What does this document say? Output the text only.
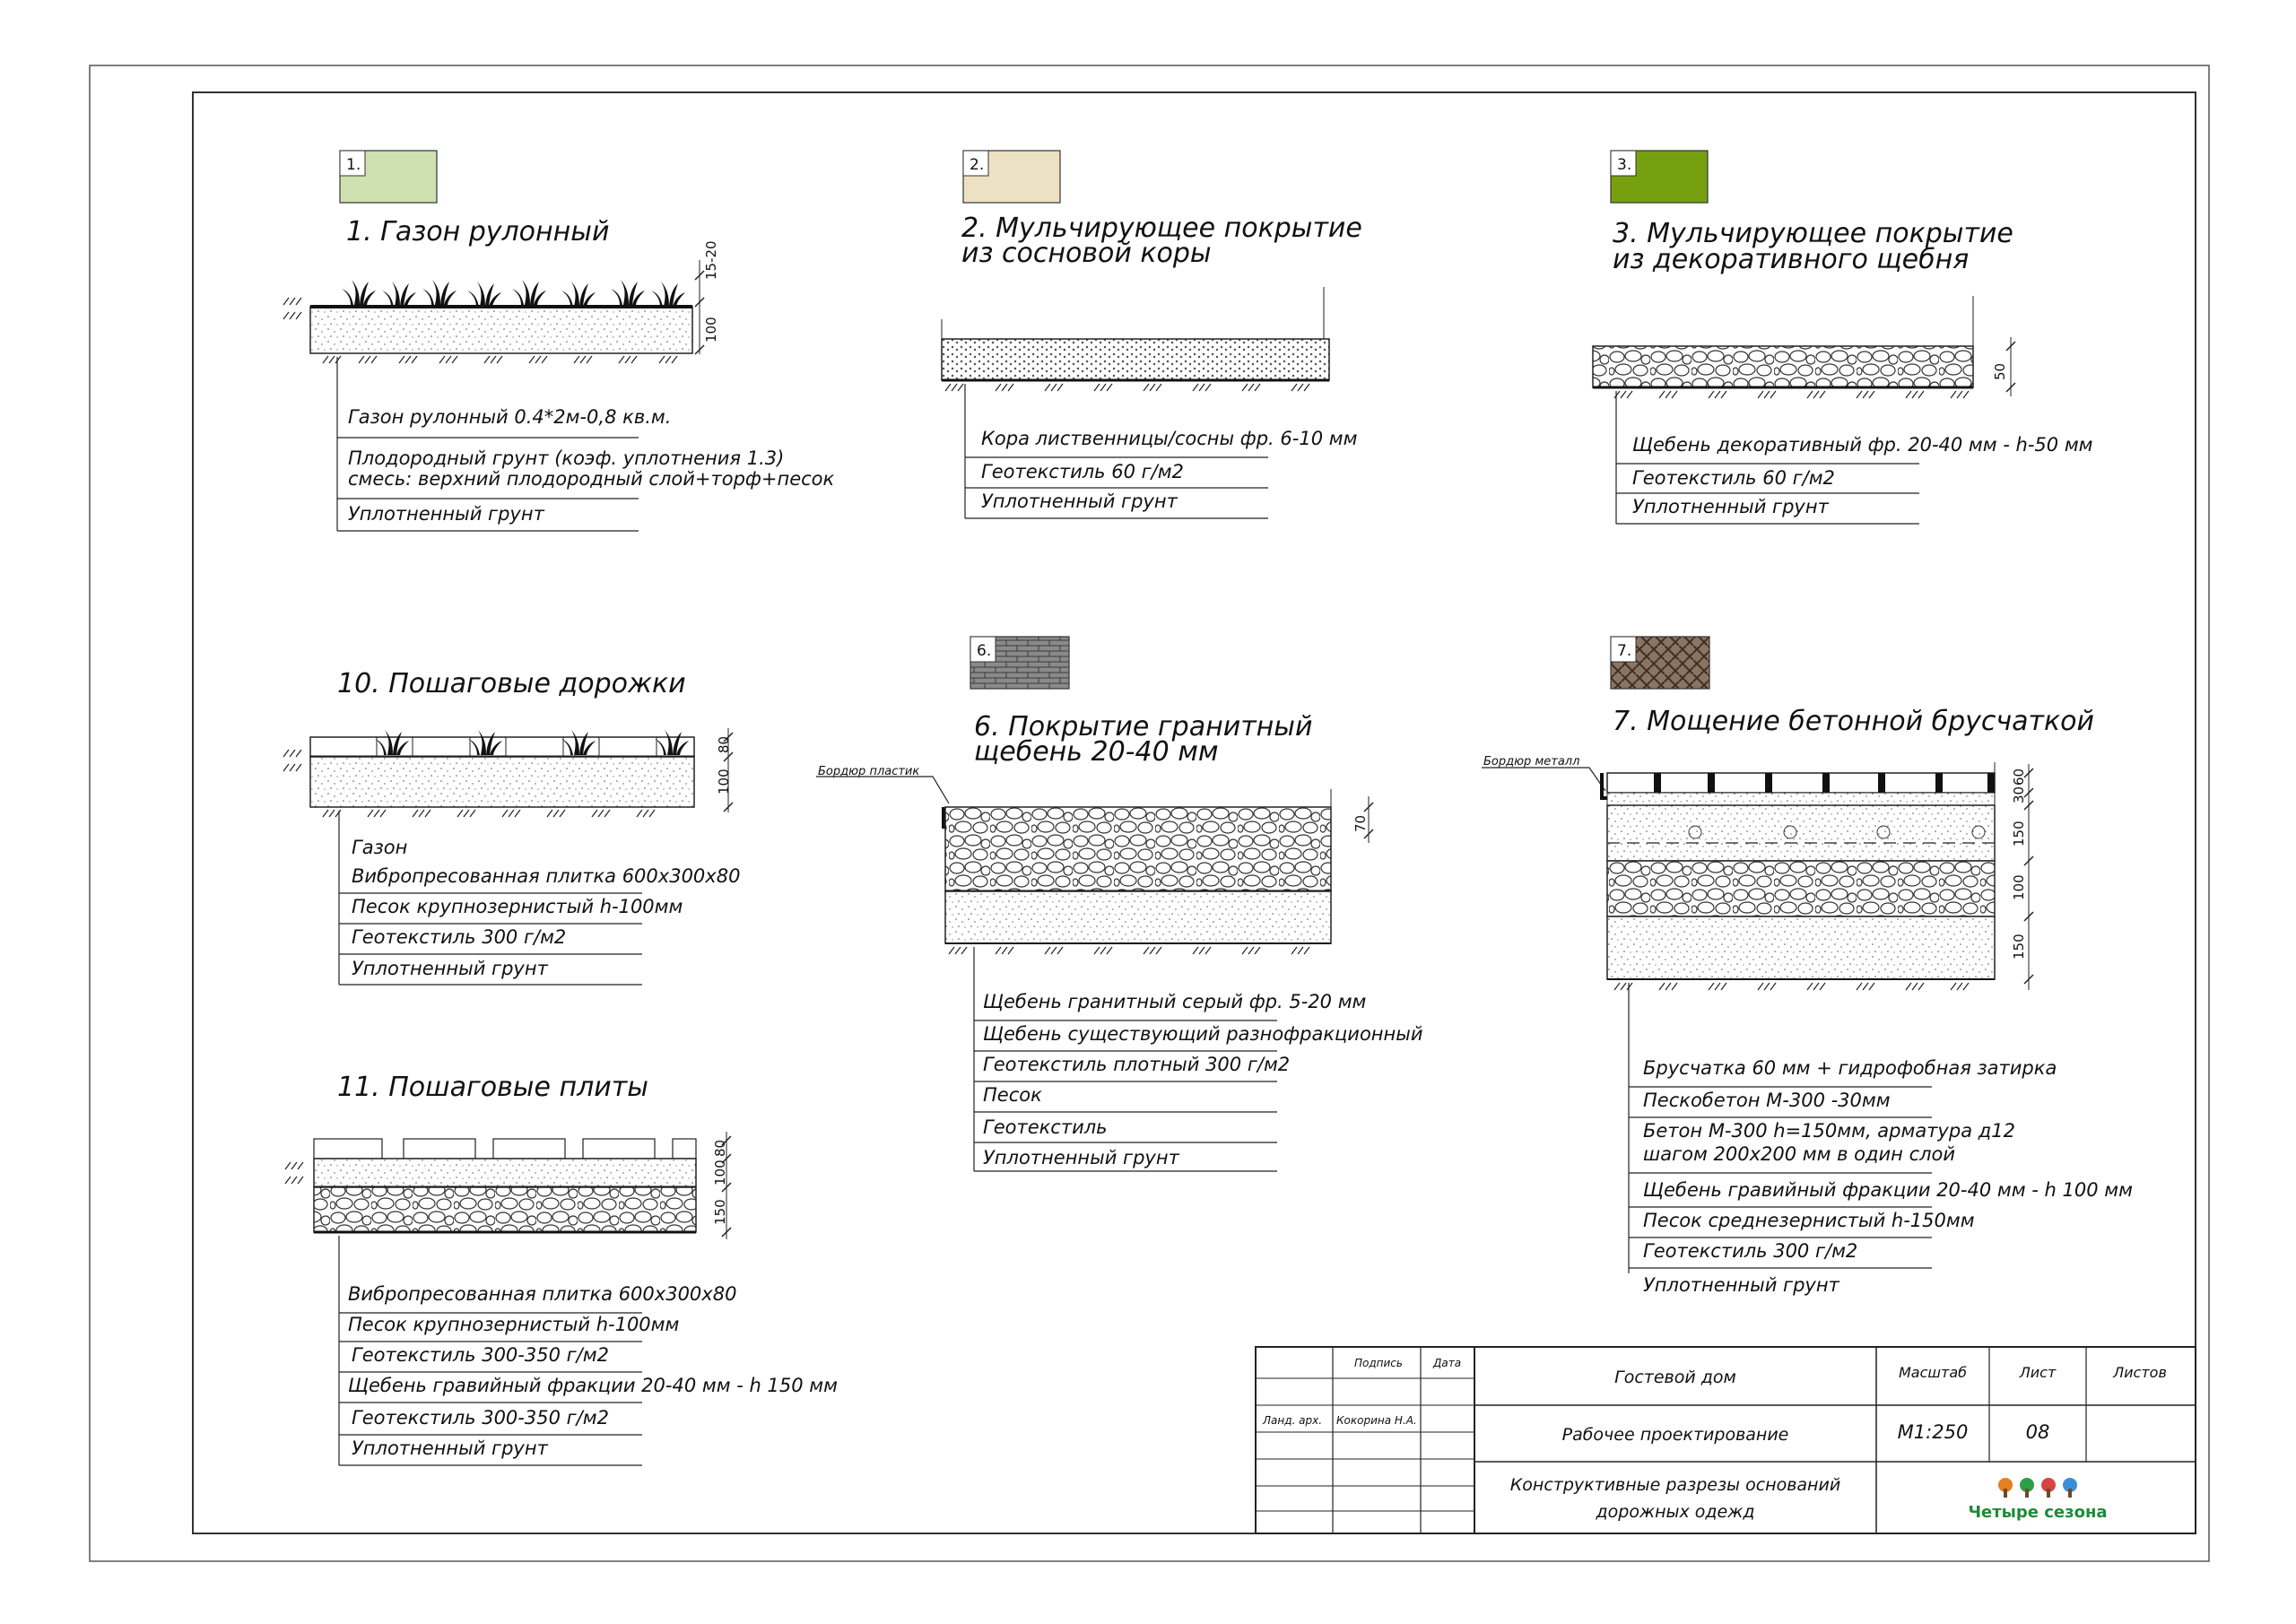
1.
1. Газон рулонный
15-20
100
Газон рулонный 0.4*2м-0,8 кв.м.
Плодородный грунт (коэф. уплотнения 1.3)
смесь: верхний плодородный слой+торф+песок
Уплотненный грунт
2.
2. Мульчирующее покрытие
из сосновой коры
Кора лиственницы/сосны фр. 6-10 мм
Геотекстиль 60 г/м2
Уплотненный грунт
3.
3. Мульчирующее покрытие
из декоративного щебня
50
Щебень декоративный фр. 20-40 мм - h-50 мм
Геотекстиль 60 г/м2
Уплотненный грунт
10. Пошаговые дорожки
80
100
Газон
Вибропресованная плитка 600x300x80
Песок крупнозернистый h-100мм
Геотекстиль 300 г/м2
Уплотненный грунт
6.
6. Покрытие гранитный
щебень 20-40 мм
Бордюр пластик
70
Щебень гранитный серый фр. 5-20 мм
Щебень существующий разнофракционный
Геотекстиль плотный 300 г/м2
Песок
Геотекстиль
Уплотненный грунт
7.
7. Мощение бетонной брусчаткой
Бордюр металл
30
60
150
100
150
Брусчатка 60 мм + гидрофобная затирка
Пескобетон М-300 -30мм
Бетон М-300 h=150мм, арматура д12
шагом 200x200 мм в один слой
Щебень гравийный фракции 20-40 мм - h 100 мм
Песок среднезернистый h-150мм
Геотекстиль 300 г/м2
Уплотненный грунт
11. Пошаговые плиты
80
100
150
Вибропресованная плитка 600x300x80
Песок крупнозернистый h-100мм
Геотекстиль 300-350 г/м2
Щебень гравийный фракции 20-40 мм - h 150 мм
Геотекстиль 300-350 г/м2
Уплотненный грунт
Подпись	Дата
Ланд. арх. Кокорина Н.А.
Гостевой дом
Рабочее проектирование
Конструктивные разрезы оснований
дорожных одежд
Масштаб	Лист	Листов
М1:250	08
Четыре сезона
